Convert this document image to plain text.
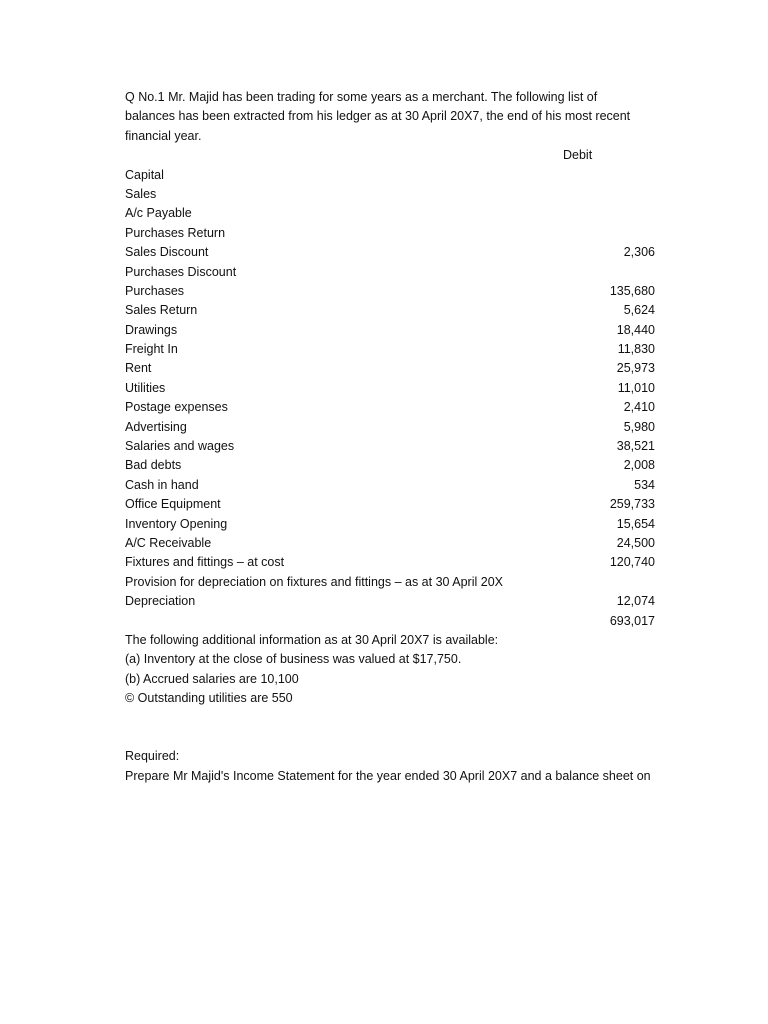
Q No.1 Mr. Majid has been trading for some years as a merchant. The following list of
balances has been extracted from his ledger as at 30 April 20X7, the end of his most recent
financial year.
Debit
Capital
Sales
A/c Payable
Purchases Return
Sales Discount	2,306
Purchases Discount
Purchases	135,680
Sales Return	5,624
Drawings	18,440
Freight In	11,830
Rent	25,973
Utilities	11,010
Postage expenses	2,410
Advertising	5,980
Salaries and wages	38,521
Bad debts	2,008
Cash in hand	534
Office Equipment	259,733
Inventory Opening	15,654
A/C Receivable	24,500
Fixtures and fittings – at cost	120,740
Provision for depreciation on fixtures and fittings – as at 30 April 20X
Depreciation	12,074
693,017
The following additional information as at 30 April 20X7 is available:
(a) Inventory at the close of business was valued at $17,750.
(b) Accrued salaries are 10,100
© Outstanding utilities are 550
Required:
Prepare Mr Majid's Income Statement for the year ended 30 April 20X7 and a balance sheet on
